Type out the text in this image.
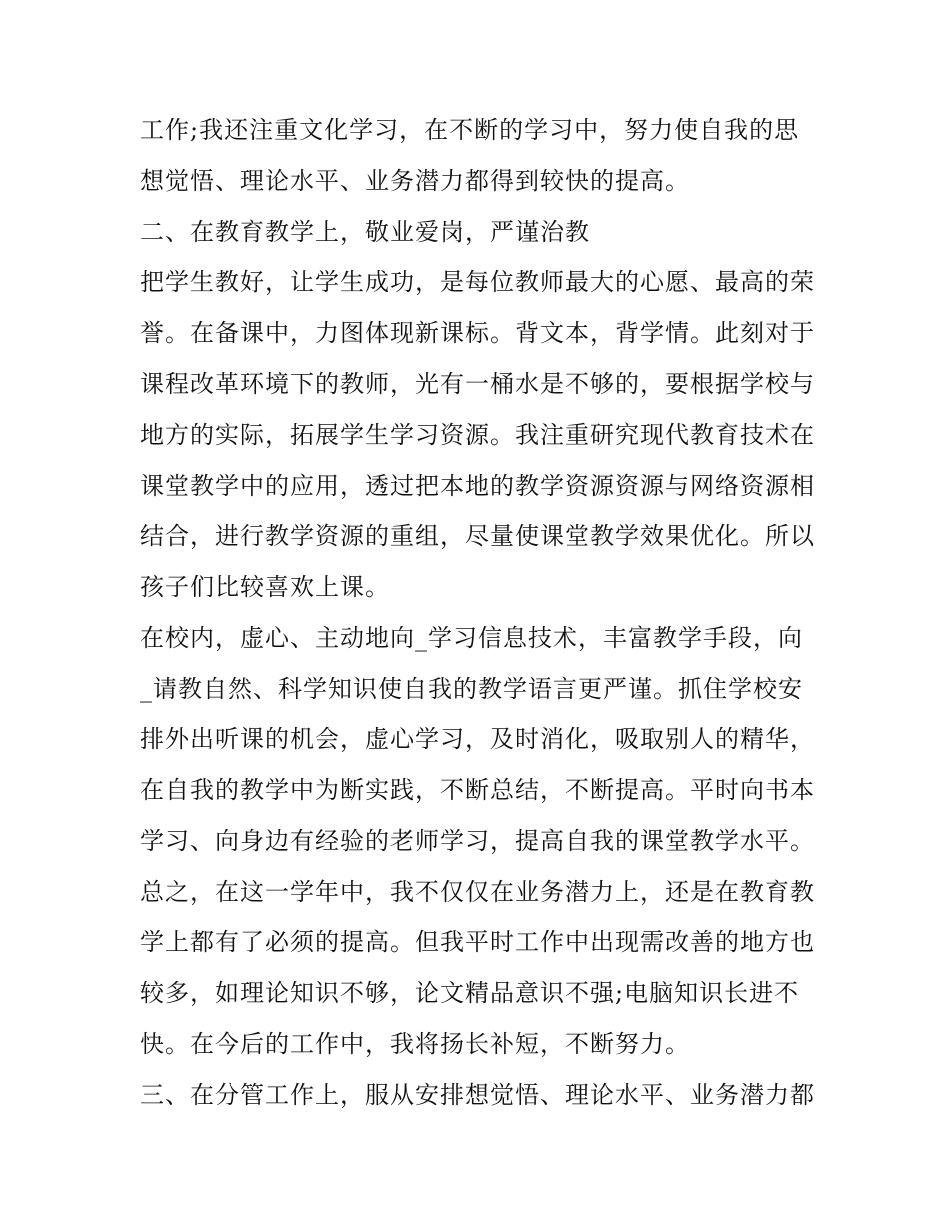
工作;我还注重文化学习，在不断的学习中，努力使自我的思
想觉悟、理论水平、业务潜力都得到较快的提高。
二、在教育教学上，敬业爱岗，严谨治教
把学生教好，让学生成功，是每位教师最大的心愿、最高的荣
誉。在备课中，力图体现新课标。背文本，背学情。此刻对于
课程改革环境下的教师，光有一桶水是不够的，要根据学校与
地方的实际，拓展学生学习资源。我注重研究现代教育技术在
课堂教学中的应用，透过把本地的教学资源资源与网络资源相
结合，进行教学资源的重组，尽量使课堂教学效果优化。所以
孩子们比较喜欢上课。
在校内，虚心、主动地向_学习信息技术，丰富教学手段，向
_请教自然、科学知识使自我的教学语言更严谨。抓住学校安
排外出听课的机会，虚心学习，及时消化，吸取别人的精华，
在自我的教学中为断实践，不断总结，不断提高。平时向书本
学习、向身边有经验的老师学习，提高自我的课堂教学水平。
总之，在这一学年中，我不仅仅在业务潜力上，还是在教育教
学上都有了必须的提高。但我平时工作中出现需改善的地方也
较多，如理论知识不够，论文精品意识不强;电脑知识长进不
快。在今后的工作中，我将扬长补短，不断努力。
三、在分管工作上，服从安排想觉悟、理论水平、业务潜力都
